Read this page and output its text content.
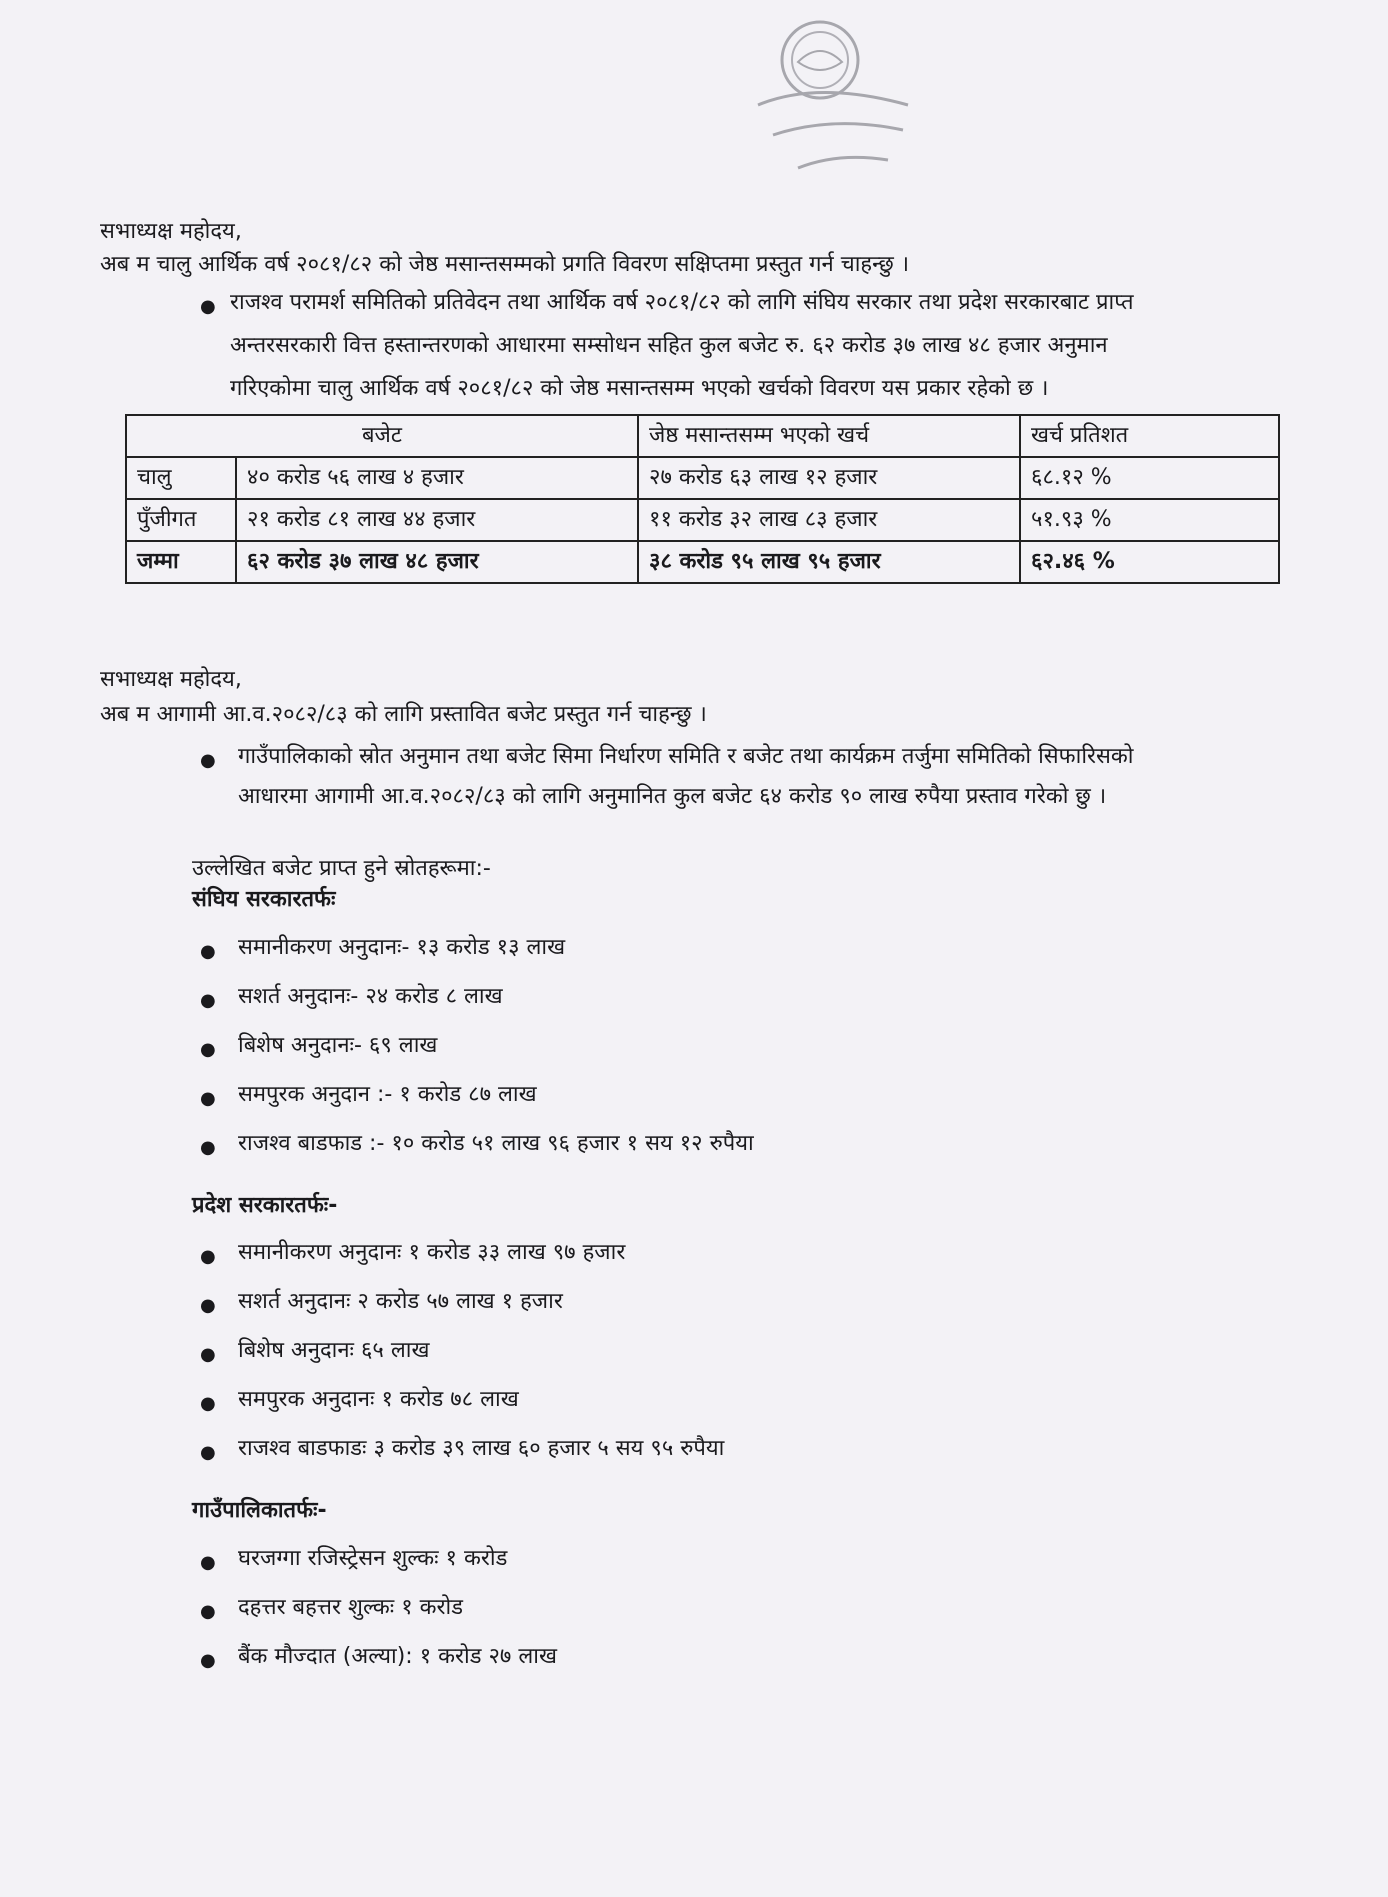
सभाध्यक्ष महोदय,

अब म चालु आर्थिक वर्ष २०८१/८२ को जेष्ठ मसान्तसम्मको प्रगति विवरण सक्षिप्तमा प्रस्तुत गर्न चाहन्छु ।

● राजश्व परामर्श समितिको प्रतिवेदन तथा आर्थिक वर्ष २०८१/८२ को लागि संघिय सरकार तथा प्रदेश सरकारबाट प्राप्त
अन्तरसरकारी वित्त हस्तान्तरणको आधारमा सम्सोधन सहित कुल बजेट रु. ६२ करोड ३७ लाख ४८ हजार अनुमान
गरिएकोमा चालु आर्थिक वर्ष २०८१/८२ को जेष्ठ मसान्तसम्म भएको खर्चको विवरण यस प्रकार रहेको छ ।
बजेट		जेष्ठ मसान्तसम्म भएको खर्च	खर्च प्रतिशत
चालु	४० करोड ५६ लाख ४ हजार	२७ करोड ६३ लाख १२ हजार	६८.१२ %
पुँजीगत	२१ करोड ८१ लाख ४४ हजार	११ करोड ३२ लाख ८३ हजार	५१.९३ %
जम्मा	६२ करोड ३७ लाख ४८ हजार	३८ करोड ९५ लाख ९५ हजार	६२.४६ %

सभाध्यक्ष महोदय,

अब म आगामी आ.व.२०८२/८३ को लागि प्रस्तावित बजेट प्रस्तुत गर्न चाहन्छु ।

● गाउँपालिकाको स्रोत अनुमान तथा बजेट सिमा निर्धारण समिति र बजेट तथा कार्यक्रम तर्जुमा समितिको सिफारिसको
आधारमा आगामी आ.व.२०८२/८३ को लागि अनुमानित कुल बजेट ६४ करोड ९० लाख रुपैया प्रस्ताव गरेको छु ।

उल्लेखित बजेट प्राप्त हुने स्रोतहरूमा:-

संघिय सरकारतर्फः

● समानीकरण अनुदानः- १३ करोड १३ लाख
● सशर्त अनुदानः- २४ करोड ८ लाख
● बिशेष अनुदानः- ६९ लाख
● समपुरक अनुदान :- १ करोड ८७ लाख
● राजश्व बाडफाड :- १० करोड ५१ लाख ९६ हजार १ सय १२ रुपैया

प्रदेश सरकारतर्फः-

● समानीकरण अनुदानः १ करोड ३३ लाख ९७ हजार
● सशर्त अनुदानः २ करोड ५७ लाख १ हजार
● बिशेष अनुदानः ६५ लाख
● समपुरक अनुदानः १ करोड ७८ लाख
● राजश्व बाडफाडः ३ करोड ३९ लाख ६० हजार ५ सय ९५ रुपैया

गाउँपालिकातर्फः-

● घरजग्गा रजिस्ट्रेसन शुल्कः १ करोड
● दहत्तर बहत्तर शुल्कः १ करोड
● बैंक मौज्दात (अल्या): १ करोड २७ लाख
